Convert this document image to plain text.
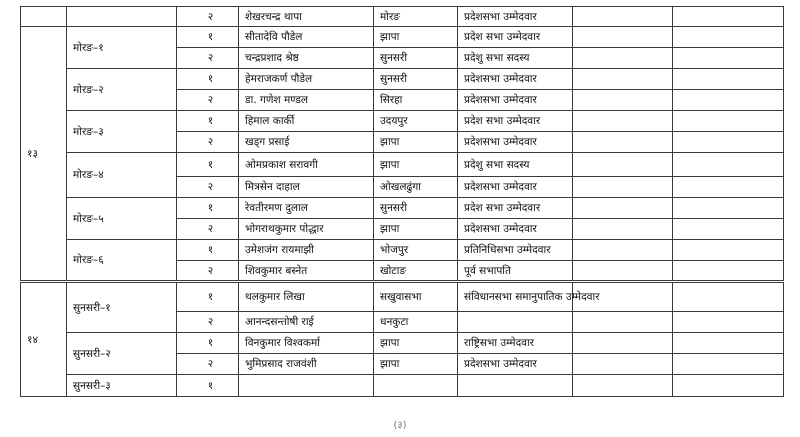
		२	शेखरचन्द्र थापा	मोरङ	प्रदेशसभा उम्मेदवार		
१३	मोरङ–१	१	सीतादेवि पौडेल	झापा	प्रदेश सभा उम्मेदवार		
		२	चन्द्रप्रशाद श्रेष्ठ	सुनसरी	प्रदेशु सभा सदस्य		
	मोरङ–२	१	हेमराजकर्ण पौडेल	सुनसरी	प्रदेशसभा उम्मेदवार		
		२	डा. गणेश मण्डल	सिरहा	प्रदेशसभा उम्मेदवार		
	मोरङ–३	१	हिमाल कार्की	उदयपुर	प्रदेश सभा उम्मेदवार		
		२	खड्ग प्रसाई	झापा	प्रदेशसभा उम्मेदवार		
	मोरङ–४	१	ओमप्रकाश सरावगी	झापा	प्रदेशु सभा सदस्य		
		२	मित्रसेन दाहाल	ओखलढुंगा	प्रदेशसभा उम्मेदवार		
	मोरङ–५	१	रेवतीरमण दुलाल	सुनसरी	प्रदेश सभा उम्मेदवार		
		२	भोगराथकुमार पोद्धार	झापा	प्रदेशसभा उम्मेदवार		
	मोरङ–६	१	उमेशजंग रायमाझी	भोजपुर	प्रतिनिधिसभा उम्मेदवार		
		२	शिवकुमार बस्नेत	खोटाङ	पूर्व सभापति		
१४	सुनसरी–१	१	थलकुमार लिखा	सखुवासभा	संविधानसभा समानुपातिक उम्मेदवार		
		२	आनन्दसन्तोषी राई	धनकुटा			
	सुनसरी–२	१	विनकुमार विश्वकर्मा	झापा	राष्ट्रिसभा उम्मेदवार		
		२	भुमिप्रसाद राजवंशी	झापा	प्रदेशसभा उम्मेदवार		
	सुनसरी–३	१					
(३)
